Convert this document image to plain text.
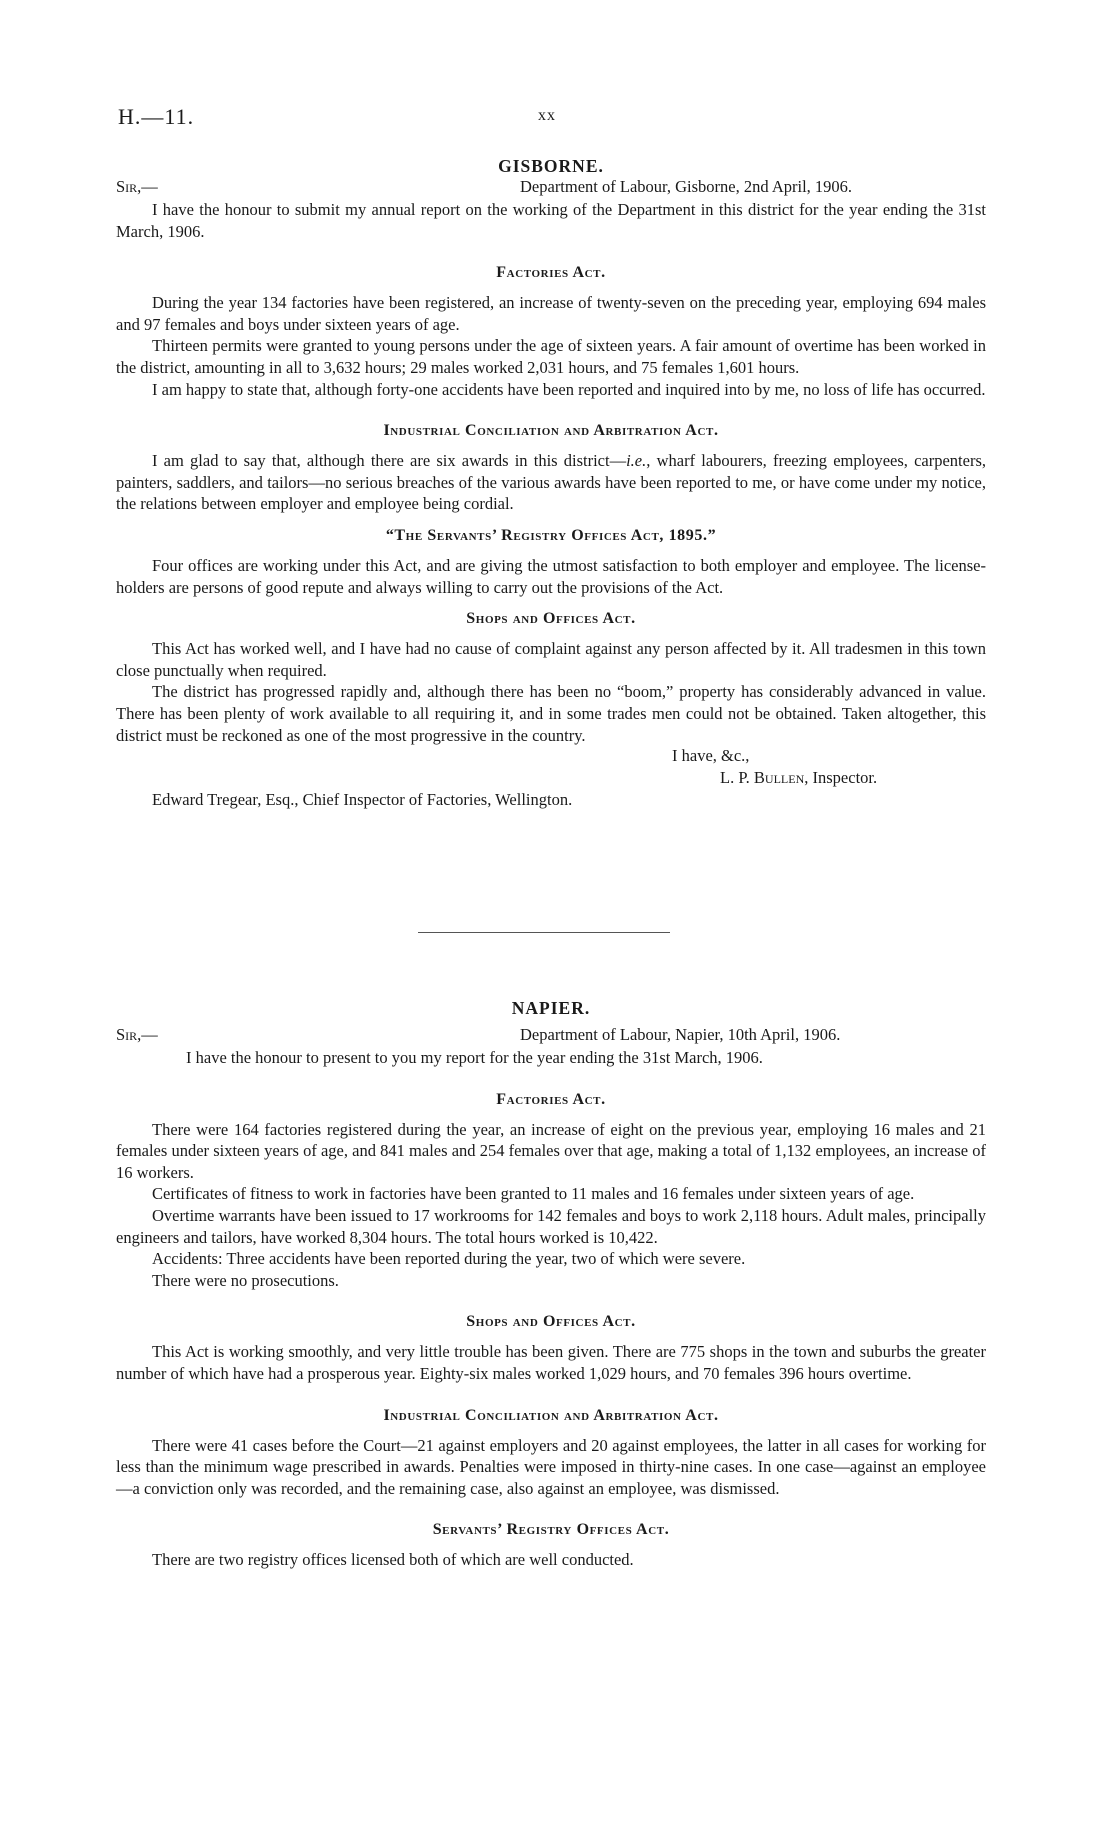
H.—11.	xx
GISBORNE.
Sir,—	Department of Labour, Gisborne, 2nd April, 1906.

I have the honour to submit my annual report on the working of the Department in this district for the year ending the 31st March, 1906.

Factories Act.

During the year 134 factories have been registered, an increase of twenty-seven on the preceding year, employing 694 males and 97 females and boys under sixteen years of age.

Thirteen permits were granted to young persons under the age of sixteen years. A fair amount of overtime has been worked in the district, amounting in all to 3,632 hours; 29 males worked 2,031 hours, and 75 females 1,601 hours.

I am happy to state that, although forty-one accidents have been reported and inquired into by me, no loss of life has occurred.

Industrial Conciliation and Arbitration Act.

I am glad to say that, although there are six awards in this district—i.e., wharf labourers, freezing employees, carpenters, painters, saddlers, and tailors—no serious breaches of the various awards have been reported to me, or have come under my notice, the relations between employer and employee being cordial.

“The Servants’ Registry Offices Act, 1895.”

Four offices are working under this Act, and are giving the utmost satisfaction to both employer and employee. The license-holders are persons of good repute and always willing to carry out the provisions of the Act.

Shops and Offices Act.

This Act has worked well, and I have had no cause of complaint against any person affected by it. All tradesmen in this town close punctually when required.

The district has progressed rapidly and, although there has been no “boom,” property has considerably advanced in value. There has been plenty of work available to all requiring it, and in some trades men could not be obtained. Taken altogether, this district must be reckoned as one of the most progressive in the country.

I have, &c.,
L. P. Bullen, Inspector.
Edward Tregear, Esq., Chief Inspector of Factories, Wellington.
NAPIER.
Sir,—	Department of Labour, Napier, 10th April, 1906.

I have the honour to present to you my report for the year ending the 31st March, 1906.

Factories Act.

There were 164 factories registered during the year, an increase of eight on the previous year, employing 16 males and 21 females under sixteen years of age, and 841 males and 254 females over that age, making a total of 1,132 employees, an increase of 16 workers.

Certificates of fitness to work in factories have been granted to 11 males and 16 females under sixteen years of age.

Overtime warrants have been issued to 17 workrooms for 142 females and boys to work 2,118 hours. Adult males, principally engineers and tailors, have worked 8,304 hours. The total hours worked is 10,422.

Accidents: Three accidents have been reported during the year, two of which were severe.

There were no prosecutions.

Shops and Offices Act.

This Act is working smoothly, and very little trouble has been given. There are 775 shops in the town and suburbs the greater number of which have had a prosperous year. Eighty-six males worked 1,029 hours, and 70 females 396 hours overtime.

Industrial Conciliation and Arbitration Act.

There were 41 cases before the Court—21 against employers and 20 against employees, the latter in all cases for working for less than the minimum wage prescribed in awards. Penalties were imposed in thirty-nine cases. In one case—against an employee—a conviction only was recorded, and the remaining case, also against an employee, was dismissed.

Servants’ Registry Offices Act.

There are two registry offices licensed both of which are well conducted.
